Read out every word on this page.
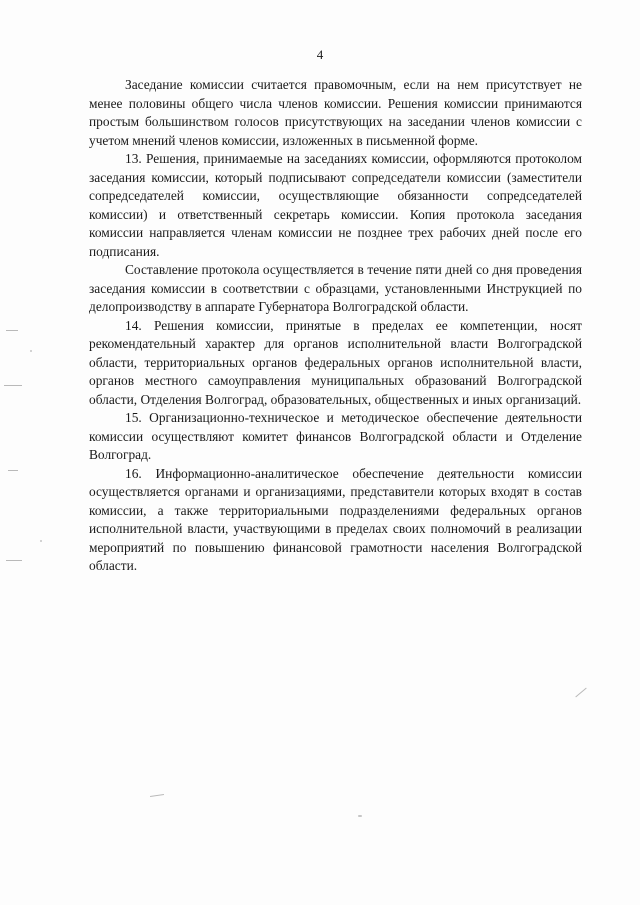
4

Заседание комиссии считается правомочным, если на нем присутствует не менее половины общего числа членов комиссии. Решения комиссии принимаются простым большинством голосов присутствующих на заседании членов комиссии с учетом мнений членов комиссии, изложенных в письменной форме.

13. Решения, принимаемые на заседаниях комиссии, оформляются протоколом заседания комиссии, который подписывают сопредседатели комиссии (заместители сопредседателей комиссии, осуществляющие обязанности сопредседателей комиссии) и ответственный секретарь комиссии. Копия протокола заседания комиссии направляется членам комиссии не позднее трех рабочих дней после его подписания.

Составление протокола осуществляется в течение пяти дней со дня проведения заседания комиссии в соответствии с образцами, установленными Инструкцией по делопроизводству в аппарате Губернатора Волгоградской области.

14. Решения комиссии, принятые в пределах ее компетенции, носят рекомендательный характер для органов исполнительной власти Волгоградской области, территориальных органов федеральных органов исполнительной власти, органов местного самоуправления муниципальных образований Волгоградской области, Отделения Волгоград, образовательных, общественных и иных организаций.

15. Организационно-техническое и методическое обеспечение деятельности комиссии осуществляют комитет финансов Волгоградской области и Отделение Волгоград.

16. Информационно-аналитическое обеспечение деятельности комиссии осуществляется органами и организациями, представители которых входят в состав комиссии, а также территориальными подразделениями федеральных органов исполнительной власти, участвующими в пределах своих полномочий в реализации мероприятий по повышению финансовой грамотности населения Волгоградской области.
